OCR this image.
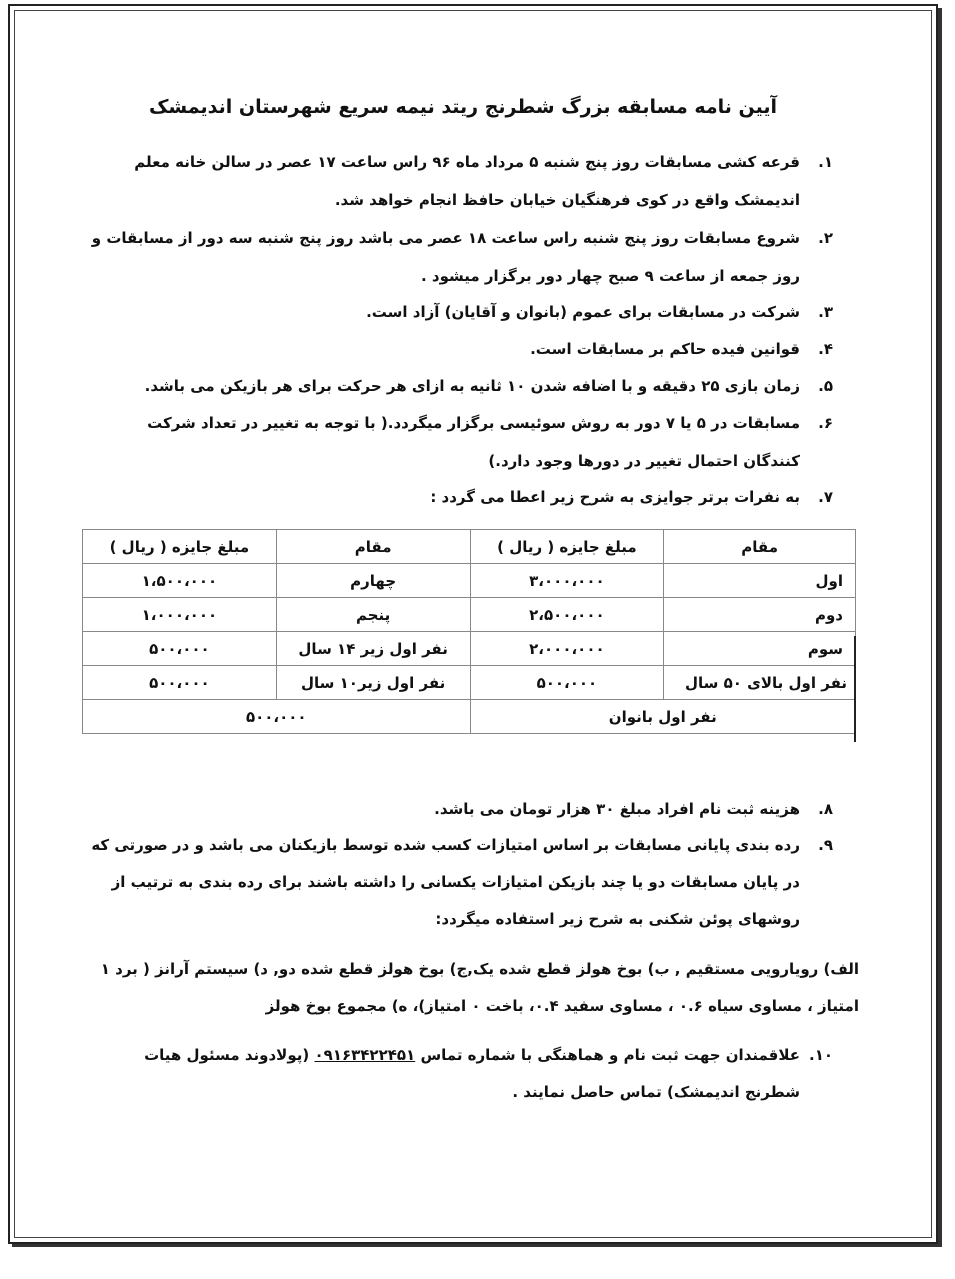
آیین نامه مسابقه بزرگ شطرنج ریتد نیمه سریع شهرستان اندیمشک
۱.
قرعه کشی مسابقات روز پنج شنبه ۵ مرداد ماه ۹۶ راس ساعت ۱۷ عصر در سالن خانه معلم
اندیمشک واقع در کوی فرهنگیان خیابان حافظ انجام خواهد شد.
۲.
شروع مسابقات روز پنج شنبه راس ساعت ۱۸ عصر می باشد روز پنج شنبه سه دور از مسابقات و
روز جمعه از ساعت ۹ صبح چهار دور برگزار میشود .
۳.
شرکت در مسابقات برای عموم (بانوان و آقایان) آزاد است.
۴.
قوانین فیده حاکم بر مسابقات است.
۵.
زمان بازی ۲۵ دقیقه و با اضافه شدن ۱۰ ثانیه به ازای هر حرکت برای هر بازیکن می باشد.
۶.
مسابقات در ۵ یا ۷ دور به روش سوئیسی برگزار میگردد.( با توجه به تغییر در تعداد شرکت
کنندگان احتمال تغییر در دورها وجود دارد.)
۷.
به نفرات برتر جوایزی به شرح زیر اعطا می گردد :
مقام	مبلغ جایزه ( ریال )	مقام	مبلغ جایزه ( ریال )
اول	۳،۰۰۰،۰۰۰	چهارم	۱،۵۰۰،۰۰۰
دوم	۲،۵۰۰،۰۰۰	پنجم	۱،۰۰۰،۰۰۰
سوم	۲،۰۰۰،۰۰۰	نفر اول زیر ۱۴ سال	۵۰۰،۰۰۰
نفر اول بالای ۵۰ سال	۵۰۰،۰۰۰	نفر اول زیر۱۰ سال	۵۰۰،۰۰۰
نفر اول بانوان		۵۰۰،۰۰۰	
۸.
هزینه ثبت نام افراد مبلغ ۳۰ هزار تومان می باشد.
۹.
رده بندی پایانی مسابقات بر اساس امتیازات کسب شده توسط بازیکنان می باشد و در صورتی که
در پایان مسابقات دو یا چند بازیکن امتیازات یکسانی را داشته باشند برای رده بندی به ترتیب از
روشهای پوئن شکنی به شرح زیر استفاده میگردد:
الف) رویارویی مستقیم , ب) بوخ هولز قطع شده یک,ج) بوخ هولز قطع شده دو, د) سیستم آرانز ( برد ۱
امتیاز ، مساوی سیاه ۰.۶ ، مساوی سفید ۰.۴، باخت ۰ امتیاز)، ه) مجموع بوخ هولز
۱۰.
علاقمندان جهت ثبت نام و هماهنگی با شماره تماس ۰۹۱۶۳۴۲۲۴۵۱ (پولادوند مسئول هیات
شطرنج اندیمشک) تماس حاصل نمایند .
